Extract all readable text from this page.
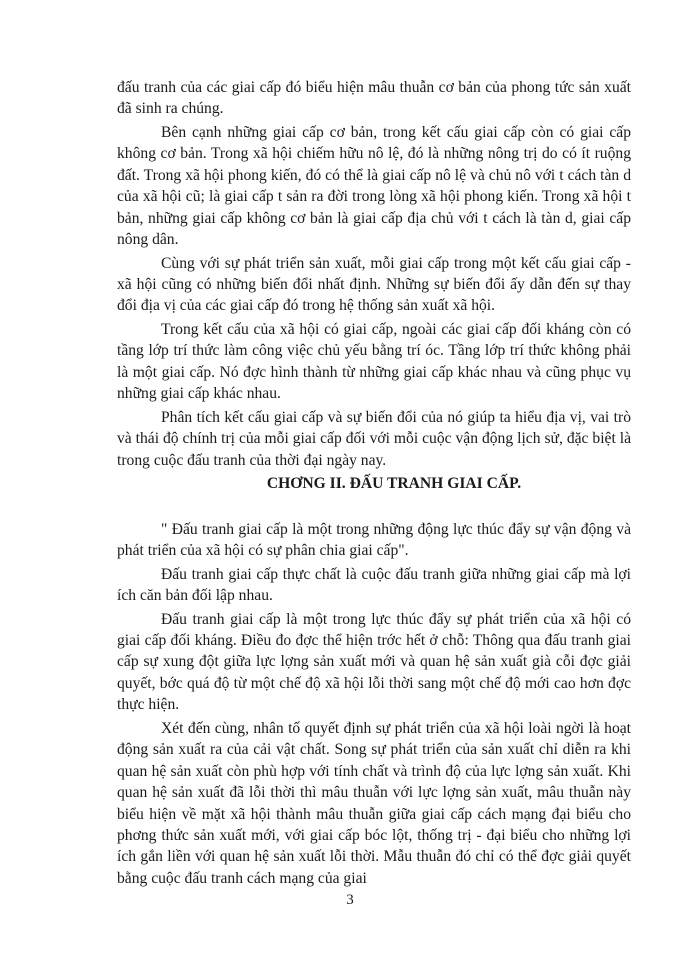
đấu tranh của các giai cấp đó biểu hiện mâu thuẫn cơ bản của phong tức sản xuất đã sinh ra chúng.

Bên cạnh những giai cấp cơ bản, trong kết cấu giai cấp còn có giai cấp không cơ bản. Trong xã hội chiếm hữu nô lệ, đó là những nông trị do có ít ruộng đất. Trong xã hội phong kiến, đó có thể là giai cấp nô lệ và chủ nô với t cách tàn d của xã hội cũ; là giai cấp t sản ra đời trong lòng xã hội phong kiến. Trong xã hội t bản, những giai cấp không cơ bản là giai cấp địa chủ với t cách là tàn d, giai cấp nông dân.

Cùng với sự phát triển sản xuất, mỗi giai cấp trong một kết cấu giai cấp - xã hội cũng có những biến đổi nhất định. Những sự biến đổi ấy dẫn đến sự thay đổi địa vị của các giai cấp đó trong hệ thống sản xuất xã hội.

Trong kết cấu của xã hội có giai cấp, ngoài các giai cấp đối kháng còn có tầng lớp trí thức làm công việc chủ yếu bằng trí óc. Tầng lớp trí thức không phải là một giai cấp. Nó đợc hình thành từ những giai cấp khác nhau và cũng phục vụ những giai cấp khác nhau.

Phân tích kết cấu giai cấp và sự biến đổi của nó giúp ta hiểu địa vị, vai trò và thái độ chính trị của mỗi giai cấp đối với mỗi cuộc vận động lịch sử, đặc biệt là trong cuộc đấu tranh của thời đại ngày nay.

CHƠNG II. ĐẤU TRANH GIAI CẤP.

" Đấu tranh giai cấp là một trong những động lực thúc đẩy sự vận động và phát triển của xã hội có sự phân chia giai cấp".

Đấu tranh giai cấp thực chất là cuộc đấu tranh giữa những giai cấp mà lợi ích căn bản đối lập nhau.

Đấu tranh giai cấp là một trong lực thúc đẩy sự phát triển của xã hội có giai cấp đối kháng. Điều đo đợc thể hiện trớc hết ở chỗ: Thông qua đấu tranh giai cấp sự xung đột giữa lực lợng sản xuất mới và quan hệ sản xuất già cỗi đợc giải quyết, bớc quá độ từ một chế độ xã hội lỗi thời sang một chế độ mới cao hơn đợc thực hiện.

Xét đến cùng, nhân tố quyết định sự phát triển của xã hội loài ngời là hoạt động sản xuất ra của cải vật chất. Song sự phát triển của sản xuất chỉ diễn ra khi quan hệ sản xuất còn phù hợp với tính chất và trình độ của lực lợng sản xuất. Khi quan hệ sản xuất đã lỗi thời thì mâu thuẫn với lực lợng sản xuất, mâu thuẫn này biểu hiện về mặt xã hội thành mâu thuẫn giữa giai cấp cách mạng đại biểu cho phơng thức sản xuất mới, với giai cấp bóc lột, thống trị - đại biểu cho những lợi ích gắn liền với quan hệ sản xuất lỗi thời. Mẫu thuẫn đó chỉ có thể đợc giải quyết bằng cuộc đấu tranh cách mạng của giai

3
